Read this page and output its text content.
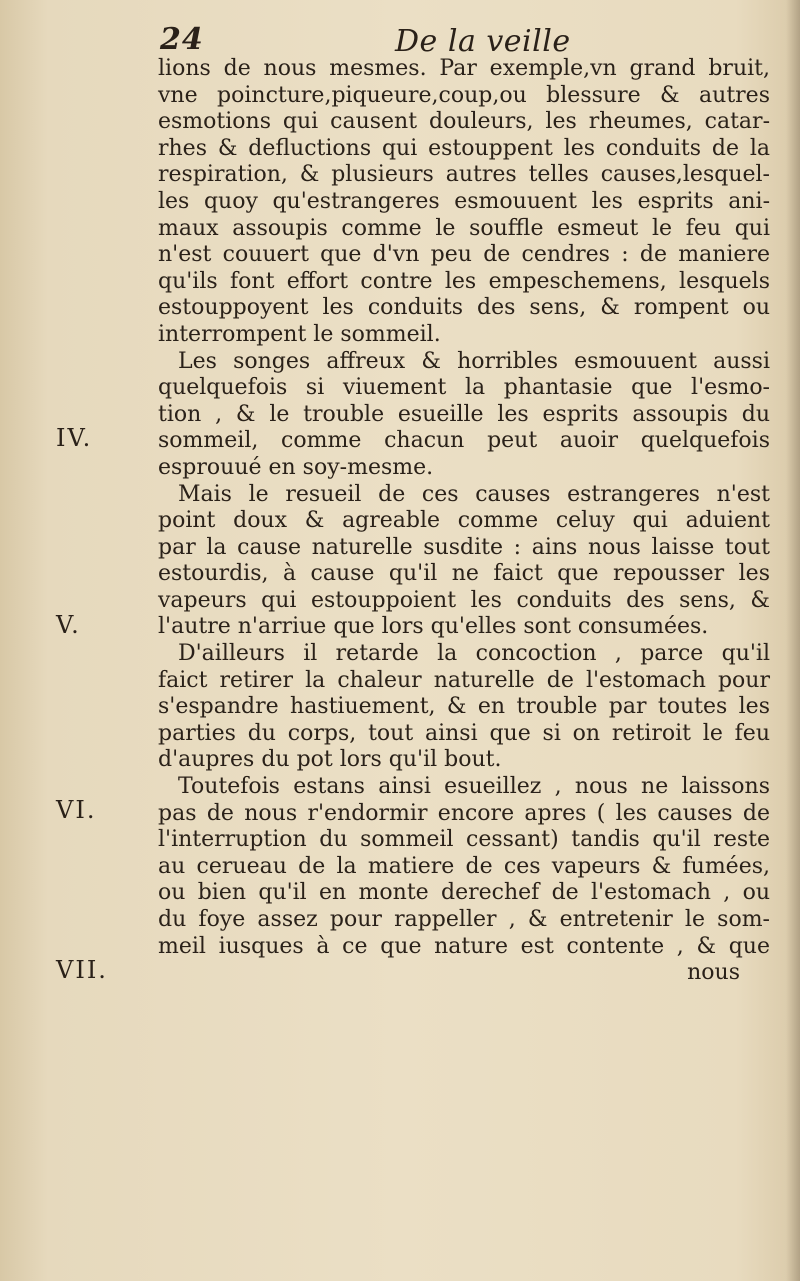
24	De la veille
IV.
V.
VI.
VII.
lions de nous mesmes. Par exemple,vn grand bruit,
vne poincture,piqueure,coup,ou blessure & autres
esmotions qui causent douleurs, les rheumes, catar-
rhes & defluctions qui estouppent les conduits de la
respiration, & plusieurs autres telles causes,lesquel-
les quoy qu'estrangeres esmouuent les esprits ani-
maux assoupis comme le souffle esmeut le feu qui
n'est couuert que d'vn peu de cendres : de maniere
qu'ils font effort contre les empeschemens, lesquels
estouppoyent les conduits des sens, & rompent ou
interrompent le sommeil.
Les songes affreux & horribles esmouuent aussi
quelquefois si viuement la phantasie que l'esmo-
tion , & le trouble esueille les esprits assoupis du
sommeil, comme chacun peut auoir quelquefois
esprouué en soy-mesme.
Mais le resueil de ces causes estrangeres n'est
point doux & agreable comme celuy qui aduient
par la cause naturelle susdite : ains nous laisse tout
estourdis, à cause qu'il ne faict que repousser les
vapeurs qui estouppoient les conduits des sens, &
l'autre n'arriue que lors qu'elles sont consumées.
D'ailleurs il retarde la concoction , parce qu'il
faict retirer la chaleur naturelle de l'estomach pour
s'espandre hastiuement, & en trouble par toutes les
parties du corps, tout ainsi que si on retiroit le feu
d'aupres du pot lors qu'il bout.
Toutefois estans ainsi esueillez , nous ne laissons
pas de nous r'endormir encore apres ( les causes de
l'interruption du sommeil cessant) tandis qu'il reste
au cerueau de la matiere de ces vapeurs & fumées,
ou bien qu'il en monte derechef de l'estomach , ou
du foye assez pour rappeller , & entretenir le som-
meil iusques à ce que nature est contente , & que
nous
